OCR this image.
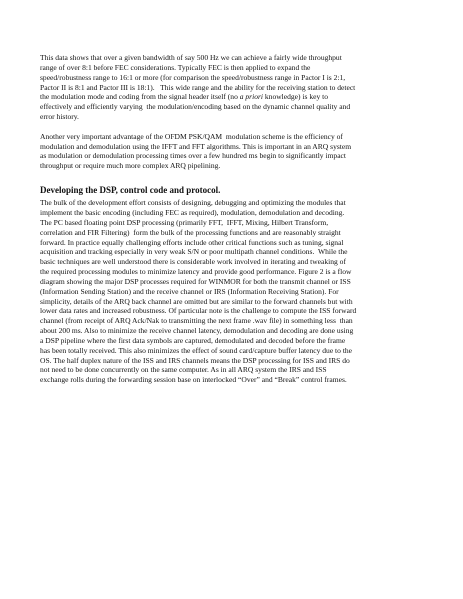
This data shows that over a given bandwidth of say 500 Hz we can achieve a fairly wide throughput
range of over 8:1 before FEC considerations. Typically FEC is then applied to expand the
speed/robustness range to 16:1 or more (for comparison the speed/robustness range in Pactor I is 2:1,
Pactor II is 8:1 and Pactor III is 18:1).   This wide range and the ability for the receiving station to detect
the modulation mode and coding from the signal header itself (no a priori knowledge) is key to
effectively and efficiently varying  the modulation/encoding based on the dynamic channel quality and
error history.
Another very important advantage of the OFDM PSK/QAM  modulation scheme is the efficiency of
modulation and demodulation using the IFFT and FFT algorithms. This is important in an ARQ system
as modulation or demodulation processing times over a few hundred ms begin to significantly impact
throughput or require much more complex ARQ pipelining.
Developing the DSP, control code and protocol.
The bulk of the development effort consists of designing, debugging and optimizing the modules that
implement the basic encoding (including FEC as required), modulation, demodulation and decoding.
The PC based floating point DSP processing (primarily FFT,  IFFT, Mixing, Hilbert Transform,
correlation and FIR Filtering)  form the bulk of the processing functions and are reasonably straight
forward. In practice equally challenging efforts include other critical functions such as tuning, signal
acquisition and tracking especially in very weak S/N or poor multipath channel conditions.  While the
basic techniques are well understood there is considerable work involved in iterating and tweaking of
the required processing modules to minimize latency and provide good performance. Figure 2 is a flow
diagram showing the major DSP processes required for WINMOR for both the transmit channel or ISS
(Information Sending Station) and the receive channel or IRS (Information Receiving Station). For
simplicity, details of the ARQ back channel are omitted but are similar to the forward channels but with
lower data rates and increased robustness. Of particular note is the challenge to compute the ISS forward
channel (from receipt of ARQ Ack/Nak to transmitting the next frame .wav file) in something less  than
about 200 ms. Also to minimize the receive channel latency, demodulation and decoding are done using
a DSP pipeline where the first data symbols are captured, demodulated and decoded before the frame
has been totally received. This also minimizes the effect of sound card/capture buffer latency due to the
OS. The half duplex nature of the ISS and IRS channels means the DSP processing for ISS and IRS do
not need to be done concurrently on the same computer. As in all ARQ system the IRS and ISS
exchange rolls during the forwarding session base on interlocked “Over” and “Break” control frames.
